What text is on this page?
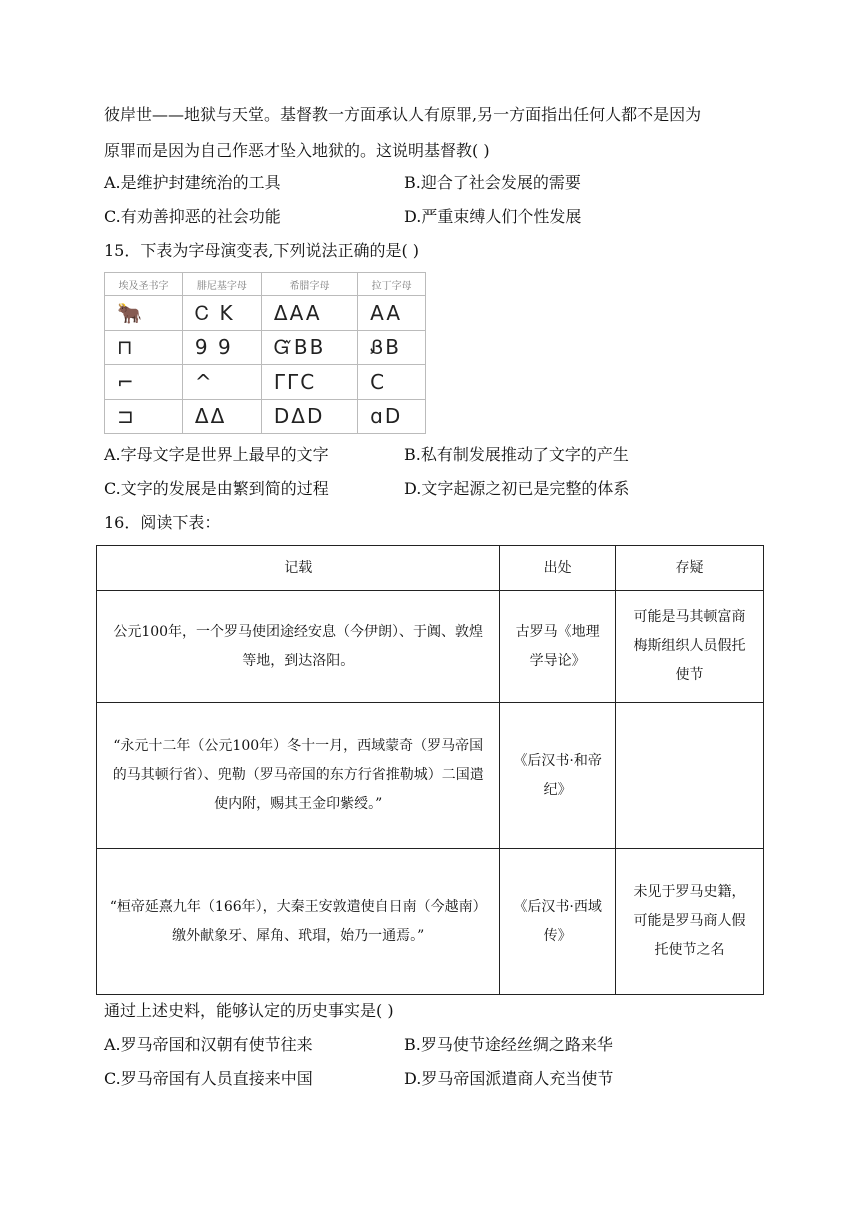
彼岸世——地狱与天堂。基督教一方面承认人有原罪,另一方面指出任何人都不是因为
原罪而是因为自己作恶才坠入地狱的。这说明基督教( )
A.是维护封建统治的工具	B.迎合了社会发展的需要
C.有劝善抑恶的社会功能	D.严重束缚人们个性发展
15．下表为字母演变表,下列说法正确的是( )
埃及圣书字	腓尼基字母	希腊字母	拉丁字母
🐂	Ꮯ K	ΔAA	AA
⊓	9 9	ᏳBB	ᏰB
⌐	^	ΓΓC	C
⊐	ΔΔ	DΔD	ɑD
A.字母文字是世界上最早的文字	B.私有制发展推动了文字的产生
C.文字的发展是由繁到简的过程	D.文字起源之初已是完整的体系
16．阅读下表：
记载	出处	存疑
公元100年，一个罗马使团途经安息（今伊朗）、于阗、敦煌等地，到达洛阳。	古罗马《地理学导论》	可能是马其顿富商梅斯组织人员假托使节
“永元十二年（公元100年）冬十一月，西域蒙奇（罗马帝国的马其顿行省）、兜勒（罗马帝国的东方行省推勒城）二国遣使内附，赐其王金印紫绶。”	《后汉书·和帝纪》	
“桓帝延熹九年（166年），大秦王安敦遣使自日南（今越南）缴外献象牙、犀角、玳瑁，始乃一通焉。”	《后汉书·西域传》	未见于罗马史籍，可能是罗马商人假托使节之名
通过上述史料，能够认定的历史事实是( )
A.罗马帝国和汉朝有使节往来	B.罗马使节途经丝绸之路来华
C.罗马帝国有人员直接来中国	D.罗马帝国派遣商人充当使节
